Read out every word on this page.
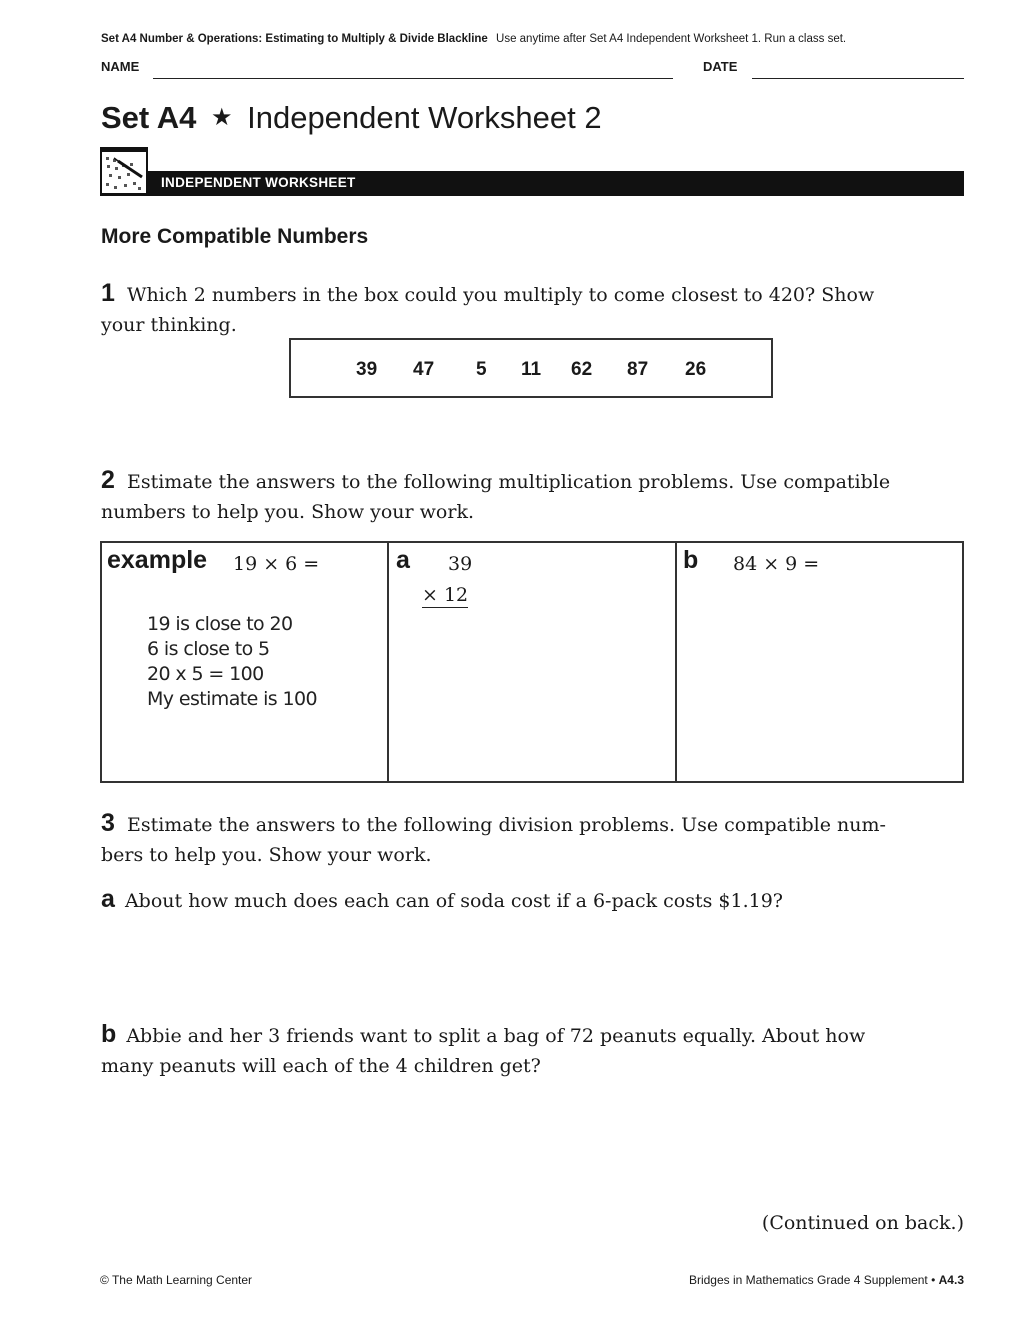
Set A4 Number & Operations: Estimating to Multiply & Divide Blackline Use anytime after Set A4 Independent Worksheet 1. Run a class set.
NAME	DATE
Set A4 ★ Independent Worksheet 2
INDEPENDENT WORKSHEET
More Compatible Numbers
1 Which 2 numbers in the box could you multiply to come closest to 420? Show
your thinking.
39 47 5 11 62 87 26
2 Estimate the answers to the following multiplication problems. Use compatible
numbers to help you. Show your work.
example 19 × 6 =
19 is close to 20
6 is close to 5
20 x 5 = 100
My estimate is 100
a 39
× 12
b 84 × 9 =
3 Estimate the answers to the following division problems. Use compatible num-
bers to help you. Show your work.
a About how much does each can of soda cost if a 6-pack costs $1.19?
b Abbie and her 3 friends want to split a bag of 72 peanuts equally. About how
many peanuts will each of the 4 children get?
(Continued on back.)
© The Math Learning Center	Bridges in Mathematics Grade 4 Supplement • A4.3
